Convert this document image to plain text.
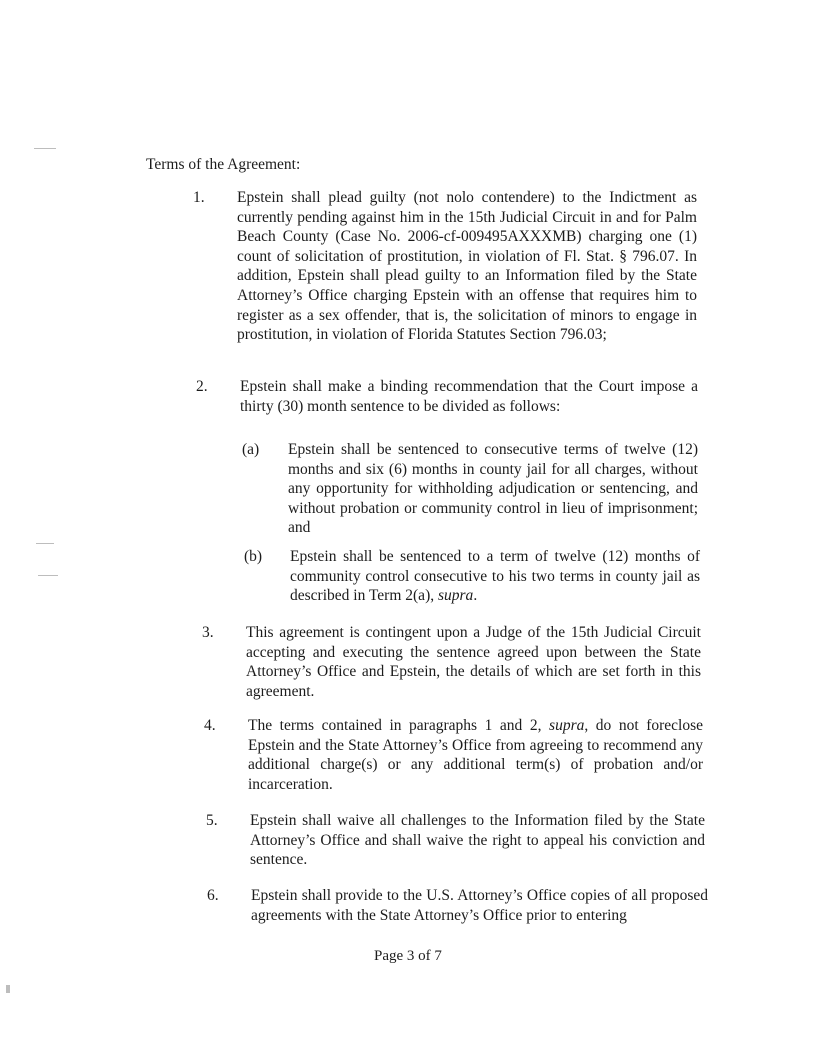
Terms of the Agreement:
1. Epstein shall plead guilty (not nolo contendere) to the Indictment as currently pending against him in the 15th Judicial Circuit in and for Palm Beach County (Case No. 2006-cf-009495AXXXMB) charging one (1) count of solicitation of prostitution, in violation of Fl. Stat. § 796.07. In addition, Epstein shall plead guilty to an Information filed by the State Attorney’s Office charging Epstein with an offense that requires him to register as a sex offender, that is, the solicitation of minors to engage in prostitution, in violation of Florida Statutes Section 796.03;
2. Epstein shall make a binding recommendation that the Court impose a thirty (30) month sentence to be divided as follows:
(a) Epstein shall be sentenced to consecutive terms of twelve (12) months and six (6) months in county jail for all charges, without any opportunity for withholding adjudication or sentencing, and without probation or community control in lieu of imprisonment; and
(b) Epstein shall be sentenced to a term of twelve (12) months of community control consecutive to his two terms in county jail as described in Term 2(a), supra.
3. This agreement is contingent upon a Judge of the 15th Judicial Circuit accepting and executing the sentence agreed upon between the State Attorney’s Office and Epstein, the details of which are set forth in this agreement.
4. The terms contained in paragraphs 1 and 2, supra, do not foreclose Epstein and the State Attorney’s Office from agreeing to recommend any additional charge(s) or any additional term(s) of probation and/or incarceration.
5. Epstein shall waive all challenges to the Information filed by the State Attorney’s Office and shall waive the right to appeal his conviction and sentence.
6. Epstein shall provide to the U.S. Attorney’s Office copies of all proposed agreements with the State Attorney’s Office prior to entering
Page 3 of 7
